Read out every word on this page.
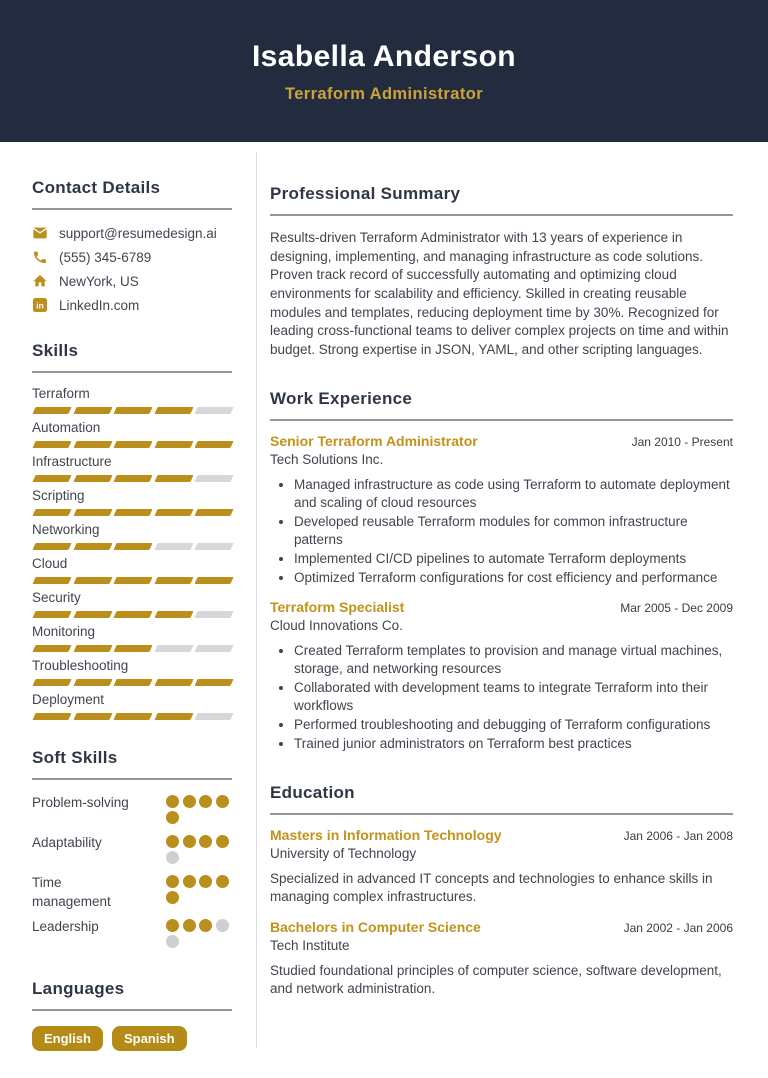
Isabella Anderson
Terraform Administrator
Contact Details
support@resumedesign.ai
(555) 345-6789
NewYork, US
in LinkedIn.com
Skills
Terraform
Automation
Infrastructure
Scripting
Networking
Cloud
Security
Monitoring
Troubleshooting
Deployment
Soft Skills
Problem-solving
Adaptability
Time management
Leadership
Languages
English	Spanish
Professional Summary

Results-driven Terraform Administrator with 13 years of experience in designing, implementing, and managing infrastructure as code solutions. Proven track record of successfully automating and optimizing cloud environments for scalability and efficiency. Skilled in creating reusable modules and templates, reducing deployment time by 30%. Recognized for leading cross-functional teams to deliver complex projects on time and within budget. Strong expertise in JSON, YAML, and other scripting languages.

Work Experience
Senior Terraform Administrator	Jan 2010 - Present
Tech Solutions Inc.
• Managed infrastructure as code using Terraform to automate deployment and scaling of cloud resources
• Developed reusable Terraform modules for common infrastructure patterns
• Implemented CI/CD pipelines to automate Terraform deployments
• Optimized Terraform configurations for cost efficiency and performance
Terraform Specialist	Mar 2005 - Dec 2009
Cloud Innovations Co.
• Created Terraform templates to provision and manage virtual machines, storage, and networking resources
• Collaborated with development teams to integrate Terraform into their workflows
• Performed troubleshooting and debugging of Terraform configurations
• Trained junior administrators on Terraform best practices
Education
Masters in Information Technology	Jan 2006 - Jan 2008
University of Technology

Specialized in advanced IT concepts and technologies to enhance skills in managing complex infrastructures.

Bachelors in Computer Science	Jan 2002 - Jan 2006
Tech Institute

Studied foundational principles of computer science, software development, and network administration.
